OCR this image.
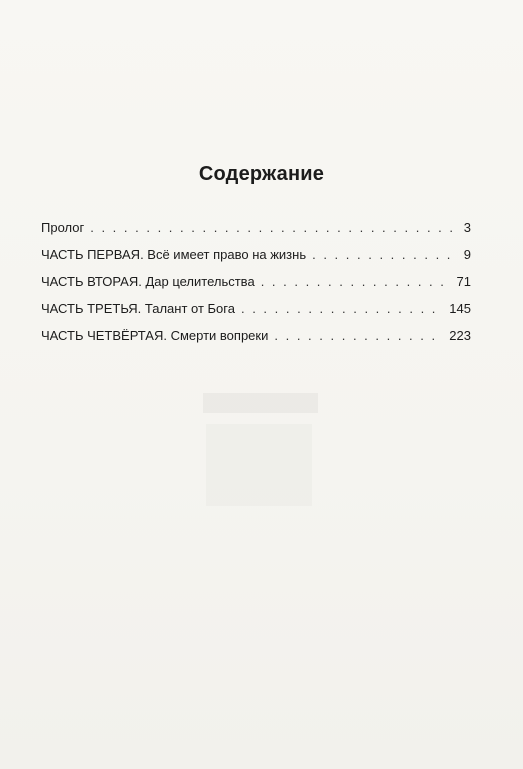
Содержание
Пролог . . .	3
ЧАСТЬ ПЕРВАЯ. Всё имеет право на жизнь . . .	9
ЧАСТЬ ВТОРАЯ. Дар целительства . . .	71
ЧАСТЬ ТРЕТЬЯ. Талант от Бога . . .	145
ЧАСТЬ ЧЕТВЁРТАЯ. Смерти вопреки . . .	223
